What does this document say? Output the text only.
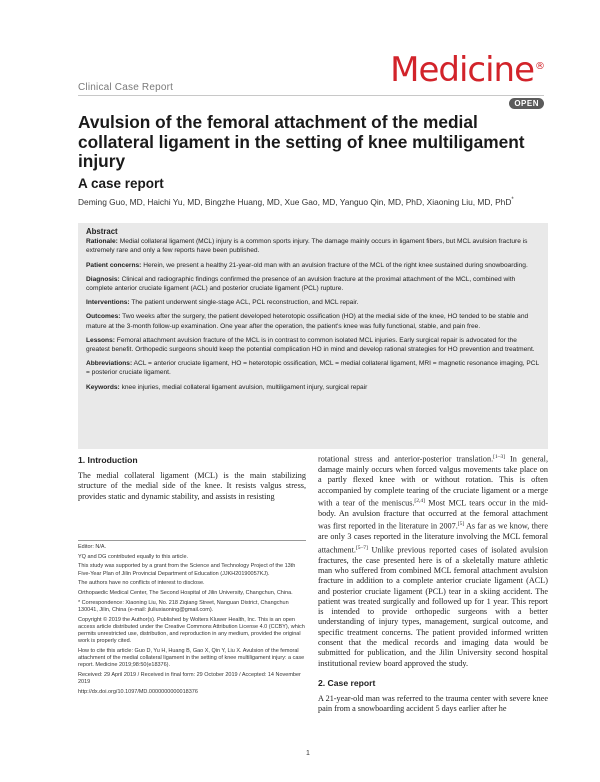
Clinical Case Report	Medicine®
OPEN
Avulsion of the femoral attachment of the medial collateral ligament in the setting of knee multiligament injury
A case report
Deming Guo, MD, Haichi Yu, MD, Bingzhe Huang, MD, Xue Gao, MD, Yanguo Qin, MD, PhD, Xiaoning Liu, MD, PhD*
Abstract

Rationale: Medial collateral ligament (MCL) injury is a common sports injury. The damage mainly occurs in ligament fibers, but MCL avulsion fracture is extremely rare and only a few reports have been published.

Patient concerns: Herein, we present a healthy 21-year-old man with an avulsion fracture of the MCL of the right knee sustained during snowboarding.

Diagnosis: Clinical and radiographic findings confirmed the presence of an avulsion fracture at the proximal attachment of the MCL, combined with complete anterior cruciate ligament (ACL) and posterior cruciate ligament (PCL) rupture.

Interventions: The patient underwent single-stage ACL, PCL reconstruction, and MCL repair.

Outcomes: Two weeks after the surgery, the patient developed heterotopic ossification (HO) at the medial side of the knee, HO tended to be stable and mature at the 3-month follow-up examination. One year after the operation, the patient's knee was fully functional, stable, and pain free.

Lessons: Femoral attachment avulsion fracture of the MCL is in contrast to common isolated MCL injuries. Early surgical repair is advocated for the greatest benefit. Orthopedic surgeons should keep the potential complication HO in mind and develop rational strategies for HO prevention and treatment.

Abbreviations: ACL = anterior cruciate ligament, HO = heterotopic ossification, MCL = medial collateral ligament, MRI = magnetic resonance imaging, PCL = posterior cruciate ligament.

Keywords: knee injuries, medial collateral ligament avulsion, multiligament injury, surgical repair

1. Introduction

The medial collateral ligament (MCL) is the main stabilizing structure of the medial side of the knee. It resists valgus stress, provides static and dynamic stability, and assists in resisting

Editor: N/A.

YQ and DG contributed equally to this article.

This study was supported by a grant from the Science and Technology Project of the 13th Five-Year Plan of Jilin Provincial Department of Education (JJKH20190057KJ).

The authors have no conflicts of interest to disclose.

Orthopaedic Medical Center, The Second Hospital of Jilin University, Changchun, China.

* Correspondence: Xiaoning Liu, No. 218 Ziqiang Street, Nanguan District, Changchun 130041, Jilin, China (e-mail: jluliuxiaoning@gmail.com).

Copyright © 2019 the Author(s). Published by Wolters Kluwer Health, Inc. This is an open access article distributed under the Creative Commons Attribution License 4.0 (CCBY), which permits unrestricted use, distribution, and reproduction in any medium, provided the original work is properly cited.

How to cite this article: Guo D, Yu H, Huang B, Gao X, Qin Y, Liu X. Avulsion of the femoral attachment of the medial collateral ligament in the setting of knee multiligament injury: a case report. Medicine 2019;98:50(e18376).

Received: 29 April 2019 / Received in final form: 29 October 2019 / Accepted: 14 November 2019

http://dx.doi.org/10.1097/MD.0000000000018376

rotational stress and anterior-posterior translation.[1–3] In general, damage mainly occurs when forced valgus movements take place on a partly flexed knee with or without rotation. This is often accompanied by complete tearing of the cruciate ligament or a merge with a tear of the meniscus.[2,4] Most MCL tears occur in the mid-body. An avulsion fracture that occurred at the femoral attachment was first reported in the literature in 2007.[5] As far as we know, there are only 3 cases reported in the literature involving the MCL femoral attachment.[5–7] Unlike previous reported cases of isolated avulsion fractures, the case presented here is of a skeletally mature athletic man who suffered from combined MCL femoral attachment avulsion fracture in addition to a complete anterior cruciate ligament (ACL) and posterior cruciate ligament (PCL) tear in a skiing accident. The patient was treated surgically and followed up for 1 year. This report is intended to provide orthopedic surgeons with a better understanding of injury types, management, surgical outcome, and specific treatment concerns. The patient provided informed written consent that the medical records and imaging data would be submitted for publication, and the Jilin University second hospital institutional review board approved the study.

2. Case report

A 21-year-old man was referred to the trauma center with severe knee pain from a snowboarding accident 5 days earlier after he

1
